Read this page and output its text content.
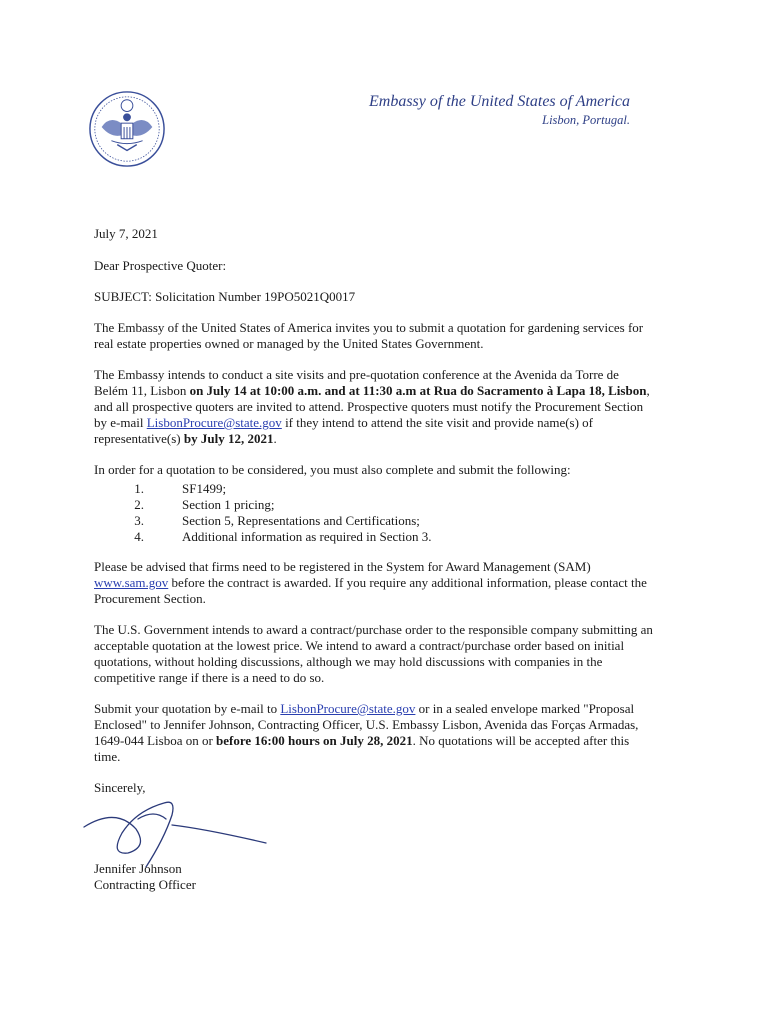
Embassy of the United States of America
Lisbon, Portugal.

July 7, 2021

Dear Prospective Quoter:

SUBJECT: Solicitation Number 19PO5021Q0017

The Embassy of the United States of America invites you to submit a quotation for gardening services for real estate properties owned or managed by the United States Government.

The Embassy intends to conduct a site visits and pre-quotation conference at the Avenida da Torre de Belém 11, Lisbon on July 14 at 10:00 a.m. and at 11:30 a.m at Rua do Sacramento à Lapa 18, Lisbon, and all prospective quoters are invited to attend. Prospective quoters must notify the Procurement Section by e-mail LisbonProcure@state.gov if they intend to attend the site visit and provide name(s) of representative(s) by July 12, 2021.

In order for a quotation to be considered, you must also complete and submit the following:

1.	SF1499;
2.	Section 1 pricing;
3.	Section 5, Representations and Certifications;
4.	Additional information as required in Section 3.

Please be advised that firms need to be registered in the System for Award Management (SAM) www.sam.gov before the contract is awarded. If you require any additional information, please contact the Procurement Section.

The U.S. Government intends to award a contract/purchase order to the responsible company submitting an acceptable quotation at the lowest price. We intend to award a contract/purchase order based on initial quotations, without holding discussions, although we may hold discussions with companies in the competitive range if there is a need to do so.

Submit your quotation by e-mail to LisbonProcure@state.gov or in a sealed envelope marked "Proposal Enclosed" to Jennifer Johnson, Contracting Officer, U.S. Embassy Lisbon, Avenida das Forças Armadas, 1649-044 Lisboa on or before 16:00 hours on July 28, 2021. No quotations will be accepted after this time.

Sincerely,

Jennifer Johnson
Contracting Officer
